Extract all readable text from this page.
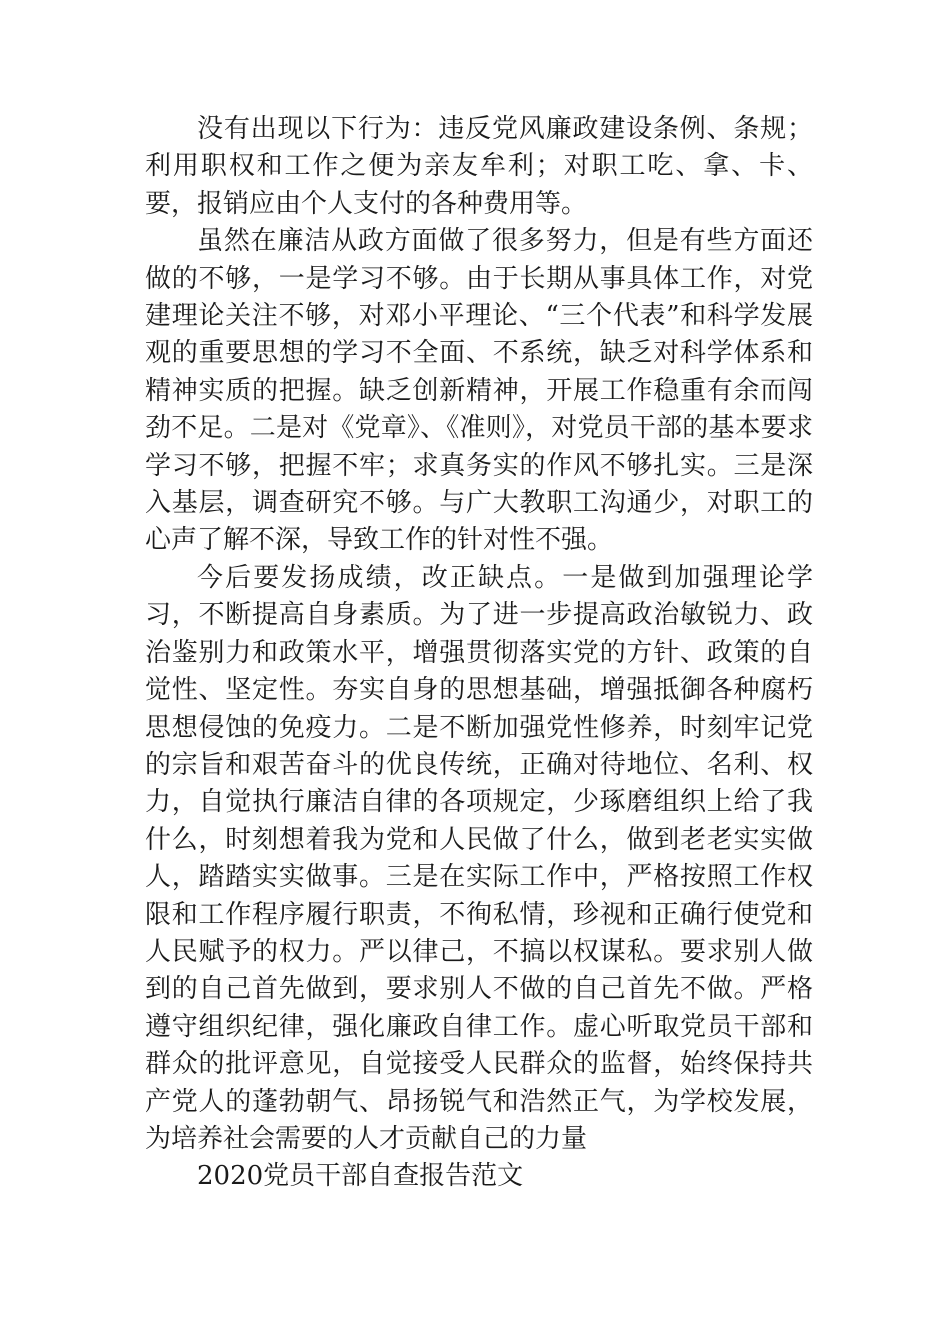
没有出现以下行为：违反党风廉政建设条例、条规；利用职权和工作之便为亲友牟利；对职工吃、拿、卡、要，报销应由个人支付的各种费用等。

虽然在廉洁从政方面做了很多努力，但是有些方面还做的不够，一是学习不够。由于长期从事具体工作，对党建理论关注不够，对邓小平理论、“三个代表”和科学发展观的重要思想的学习不全面、不系统，缺乏对科学体系和精神实质的把握。缺乏创新精神，开展工作稳重有余而闯劲不足。二是对《党章》、《准则》，对党员干部的基本要求学习不够，把握不牢；求真务实的作风不够扎实。三是深入基层，调查研究不够。与广大教职工沟通少，对职工的心声了解不深，导致工作的针对性不强。

今后要发扬成绩，改正缺点。一是做到加强理论学习，不断提高自身素质。为了进一步提高政治敏锐力、政治鉴别力和政策水平，增强贯彻落实党的方针、政策的自觉性、坚定性。夯实自身的思想基础，增强抵御各种腐朽思想侵蚀的免疫力。二是不断加强党性修养，时刻牢记党的宗旨和艰苦奋斗的优良传统，正确对待地位、名利、权力，自觉执行廉洁自律的各项规定，少琢磨组织上给了我什么，时刻想着我为党和人民做了什么，做到老老实实做人，踏踏实实做事。三是在实际工作中，严格按照工作权限和工作程序履行职责，不徇私情，珍视和正确行使党和人民赋予的权力。严以律己，不搞以权谋私。要求别人做到的自己首先做到，要求别人不做的自己首先不做。严格遵守组织纪律，强化廉政自律工作。虚心听取党员干部和群众的批评意见，自觉接受人民群众的监督，始终保持共产党人的蓬勃朝气、昂扬锐气和浩然正气，为学校发展，为培养社会需要的人才贡献自己的力量

2020党员干部自查报告范文
